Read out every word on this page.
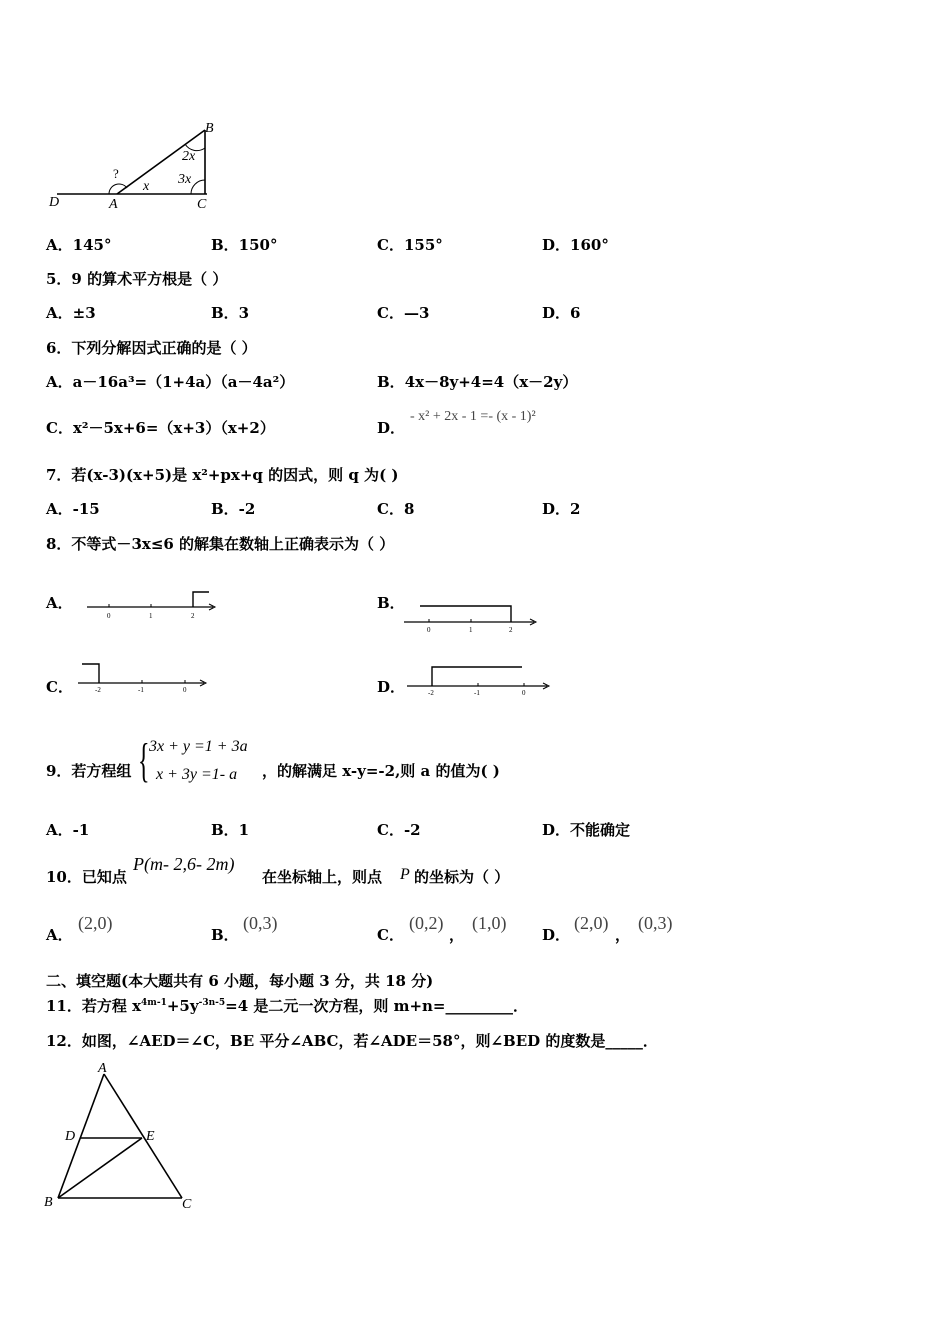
B
D	A	C
?
x
2x
3x
A．145°	B．150°	C．155°	D．160°
5．9 的算术平方根是（ ）
A．±3	B．3	C．—3	D．6
6．下列分解因式正确的是（ ）
A．a－16a³=（1+4a）（a－4a²）	B．4x－8y+4=4（x－2y）
C．x²－5x+6=（x+3）（x+2）	D．
- x² + 2x - 1 =- (x - 1)²
7．若(x-3)(x+5)是 x²+px+q 的因式，则 q 为( )
A．-15	B．-2	C．8	D．2
8．不等式－3x≤6 的解集在数轴上正确表示为（ ）
A．	B．
C．	D．
0	1	2
0	1	2
-2	-1	0	-2	-1	0
9．若方程组 { 3x + y =1 + 3a
x + 3y =1- a ，的解满足 x-y=-2,则 a 的值为( )
A．-1	B．1	C．-2	D．不能确定
10．已知点
P(m- 2,6- 2m)
在坐标轴上，则点 P 的坐标为（ ）
A．
(2,0)
B．
(0,3)
C．
(0,2)
，
(1,0)
D．
(2,0)
，
(0,3)
二、填空题(本大题共有 6 小题，每小题 3 分，共 18 分)
11．若方程 $x^{4m-1}+5y^{-3n-5}=4$ 是二元一次方程，则 m+n=_________．
12．如图，∠AED＝∠C，BE 平分∠ABC，若∠ADE＝58°，则∠BED 的度数是_____．
A
D	E
B	C
